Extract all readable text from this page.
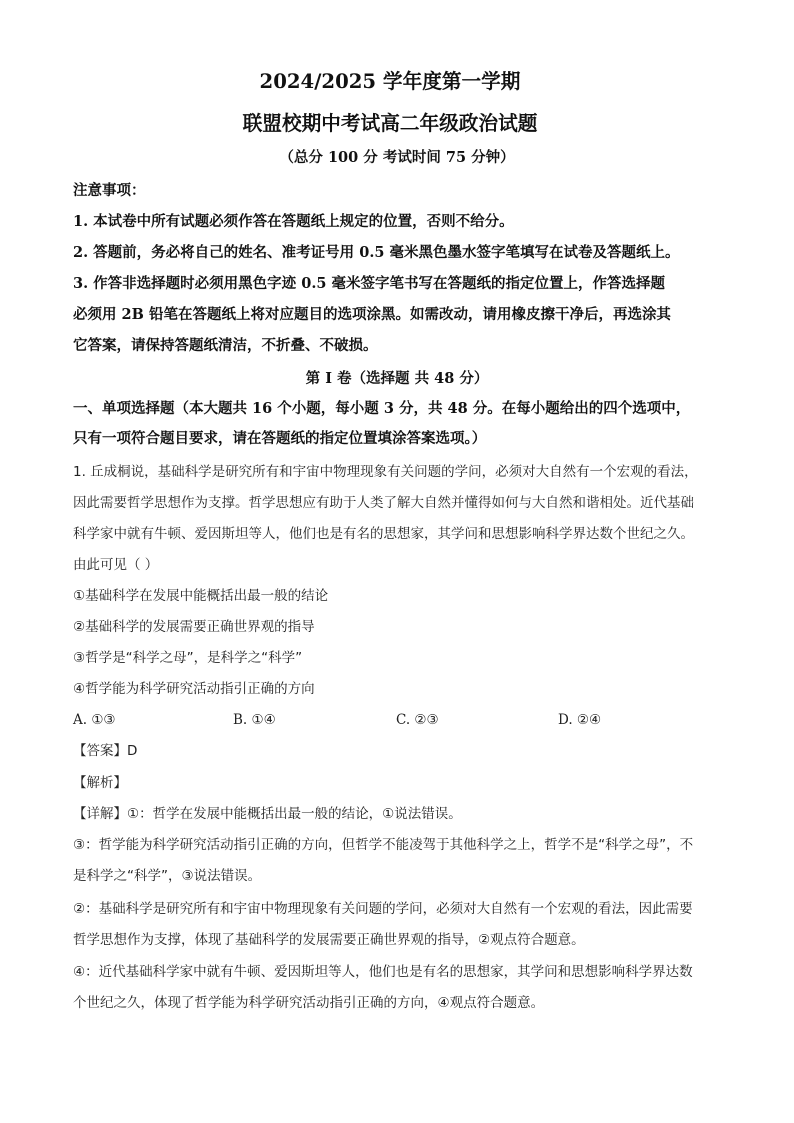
2024/2025 学年度第一学期
联盟校期中考试高二年级政治试题
（总分 100 分 考试时间 75 分钟）
注意事项：
1. 本试卷中所有试题必须作答在答题纸上规定的位置，否则不给分。
2. 答题前，务必将自己的姓名、准考证号用 0.5 毫米黑色墨水签字笔填写在试卷及答题纸上。
3. 作答非选择题时必须用黑色字迹 0.5 毫米签字笔书写在答题纸的指定位置上，作答选择题
必须用 2B 铅笔在答题纸上将对应题目的选项涂黑。如需改动，请用橡皮擦干净后，再选涂其
它答案，请保持答题纸清洁，不折叠、不破损。
第 I 卷（选择题 共 48 分）
一、单项选择题（本大题共 16 个小题，每小题 3 分，共 48 分。在每小题给出的四个选项中，
只有一项符合题目要求，请在答题纸的指定位置填涂答案选项。）
1. 丘成桐说，基础科学是研究所有和宇宙中物理现象有关问题的学问，必须对大自然有一个宏观的看法，
因此需要哲学思想作为支撑。哲学思想应有助于人类了解大自然并懂得如何与大自然和谐相处。近代基础
科学家中就有牛顿、爱因斯坦等人，他们也是有名的思想家，其学问和思想影响科学界达数个世纪之久。
由此可见（ ）
①基础科学在发展中能概括出最一般的结论
②基础科学的发展需要正确世界观的指导
③哲学是“科学之母”，是科学之“科学”
④哲学能为科学研究活动指引正确的方向
A. ①③	B. ①④	C. ②③	D. ②④
【答案】D
【解析】
【详解】①：哲学在发展中能概括出最一般的结论，①说法错误。
③：哲学能为科学研究活动指引正确的方向，但哲学不能凌驾于其他科学之上，哲学不是“科学之母”，不
是科学之“科学”，③说法错误。
②：基础科学是研究所有和宇宙中物理现象有关问题的学问，必须对大自然有一个宏观的看法，因此需要
哲学思想作为支撑，体现了基础科学的发展需要正确世界观的指导，②观点符合题意。
④：近代基础科学家中就有牛顿、爱因斯坦等人，他们也是有名的思想家，其学问和思想影响科学界达数
个世纪之久，体现了哲学能为科学研究活动指引正确的方向，④观点符合题意。
